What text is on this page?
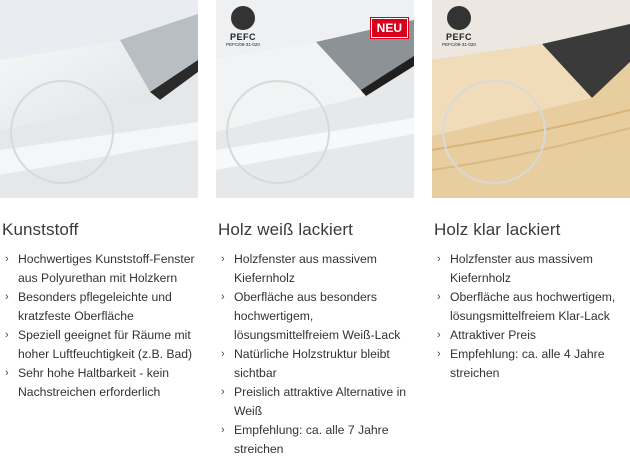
Kunststoff
› Hochwertiges Kunststoff-Fenster aus Polyurethan mit Holzkern
› Besonders pflegeleichte und kratzfeste Oberfläche
› Speziell geeignet für Räume mit hoher Luftfeuchtigkeit (z.B. Bad)
› Sehr hohe Haltbarkeit - kein Nachstreichen erforderlich
PEFC
PEFC/09-31-020
NEU
Holz weiß lackiert
› Holzfenster aus massivem Kiefernholz
› Oberfläche aus besonders hochwertigem, lösungsmittelfreiem Weiß-Lack
› Natürliche Holzstruktur bleibt sichtbar
› Preislich attraktive Alternative in Weiß
› Empfehlung: ca. alle 7 Jahre streichen
PEFC
PEFC/09-31-020
Holz klar lackiert
› Holzfenster aus massivem Kiefernholz
› Oberfläche aus hochwertigem, lösungsmittelfreiem Klar-Lack
› Attraktiver Preis
› Empfehlung: ca. alle 4 Jahre streichen
